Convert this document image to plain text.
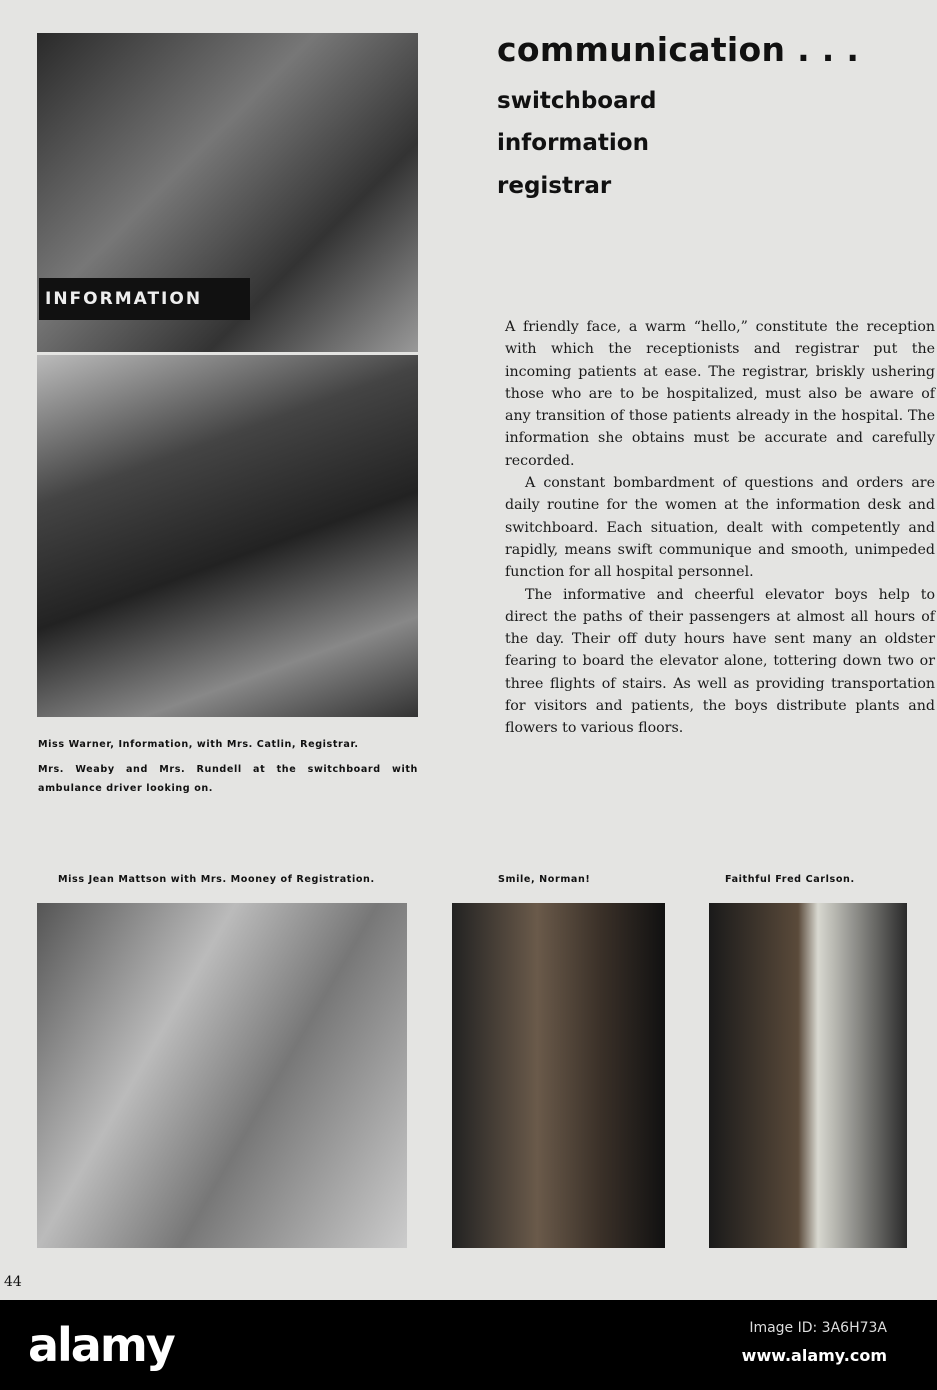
INFORMATION
communication . . .
switchboard
information
registrar

A friendly face, a warm “hello,” constitute the reception with which the receptionists and registrar put the incoming patients at ease. The registrar, briskly ushering those who are to be hospitalized, must also be aware of any transition of those patients already in the hospital. The information she obtains must be accurate and carefully recorded.

A constant bombardment of questions and orders are daily routine for the women at the information desk and switchboard. Each situation, dealt with competently and rapidly, means swift communique and smooth, unimpeded function for all hospital personnel.

The informative and cheerful elevator boys help to direct the paths of their passengers at almost all hours of the day. Their off duty hours have sent many an oldster fearing to board the elevator alone, tottering down two or three flights of stairs. As well as providing transportation for visitors and patients, the boys distribute plants and flowers to various floors.

Miss Warner, Information, with Mrs. Catlin, Registrar.
Mrs. Weaby and Mrs. Rundell at the switchboard with ambulance driver looking on.
Miss Jean Mattson with Mrs. Mooney of Registration.	Smile, Norman!	Faithful Fred Carlson.
44
alamy	Image ID: 3A6H73A
www.alamy.com
